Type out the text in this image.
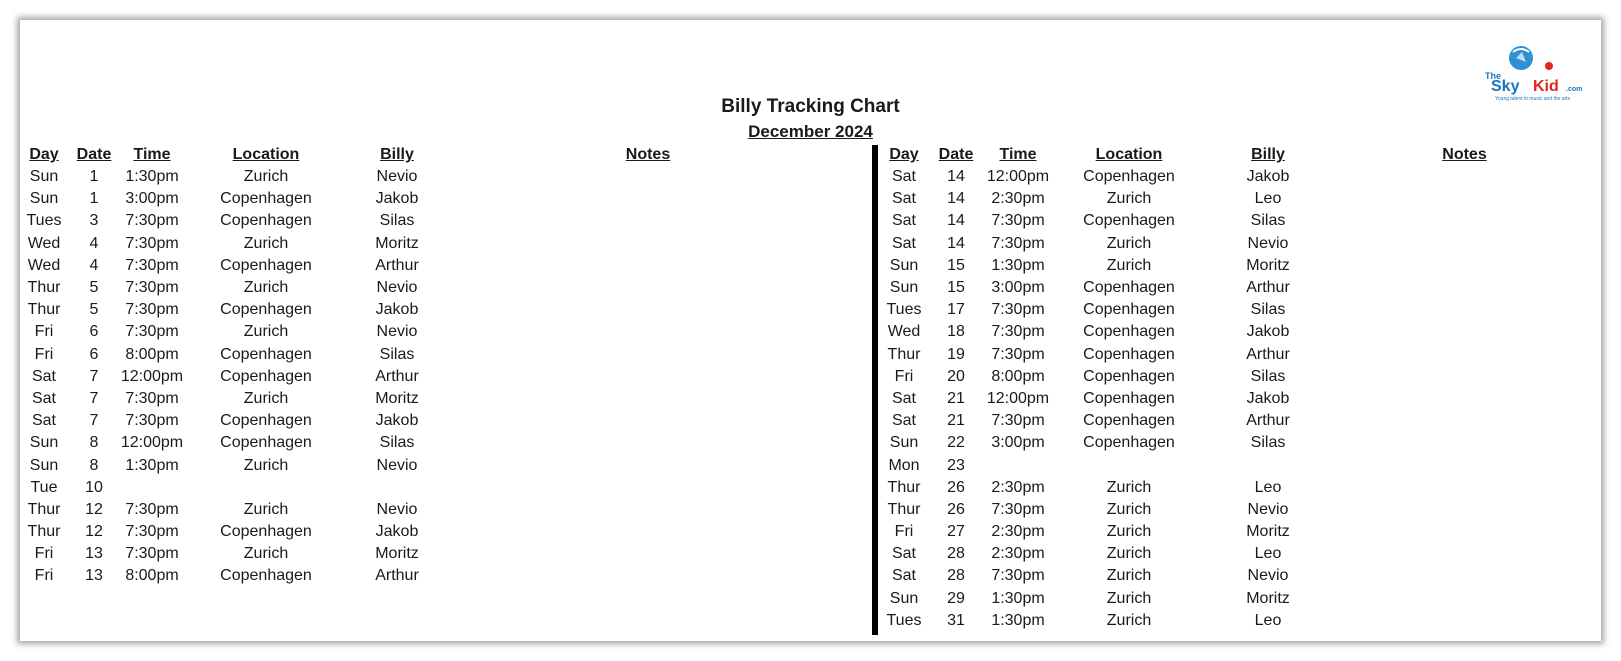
The
Sky Kid .com
Young talent in music and the arts
Billy Tracking Chart
December 2024
Day	Date	Time	Location	Billy	Notes
Sun	1	1:30pm	Zurich	Nevio	
Sun	1	3:00pm	Copenhagen	Jakob	
Tues	3	7:30pm	Copenhagen	Silas	
Wed	4	7:30pm	Zurich	Moritz	
Wed	4	7:30pm	Copenhagen	Arthur	
Thur	5	7:30pm	Zurich	Nevio	
Thur	5	7:30pm	Copenhagen	Jakob	
Fri	6	7:30pm	Zurich	Nevio	
Fri	6	8:00pm	Copenhagen	Silas	
Sat	7	12:00pm	Copenhagen	Arthur	
Sat	7	7:30pm	Zurich	Moritz	
Sat	7	7:30pm	Copenhagen	Jakob	
Sun	8	12:00pm	Copenhagen	Silas	
Sun	8	1:30pm	Zurich	Nevio	
Tue	10				
Thur	12	7:30pm	Zurich	Nevio	
Thur	12	7:30pm	Copenhagen	Jakob	
Fri	13	7:30pm	Zurich	Moritz	
Fri	13	8:00pm	Copenhagen	Arthur	
Day	Date	Time	Location	Billy	Notes
Sat	14	12:00pm	Copenhagen	Jakob	
Sat	14	2:30pm	Zurich	Leo	
Sat	14	7:30pm	Copenhagen	Silas	
Sat	14	7:30pm	Zurich	Nevio	
Sun	15	1:30pm	Zurich	Moritz	
Sun	15	3:00pm	Copenhagen	Arthur	
Tues	17	7:30pm	Copenhagen	Silas	
Wed	18	7:30pm	Copenhagen	Jakob	
Thur	19	7:30pm	Copenhagen	Arthur	
Fri	20	8:00pm	Copenhagen	Silas	
Sat	21	12:00pm	Copenhagen	Jakob	
Sat	21	7:30pm	Copenhagen	Arthur	
Sun	22	3:00pm	Copenhagen	Silas	
Mon	23				
Thur	26	2:30pm	Zurich	Leo	
Thur	26	7:30pm	Zurich	Nevio	
Fri	27	2:30pm	Zurich	Moritz	
Sat	28	2:30pm	Zurich	Leo	
Sat	28	7:30pm	Zurich	Nevio	
Sun	29	1:30pm	Zurich	Moritz	
Tues	31	1:30pm	Zurich	Leo	
